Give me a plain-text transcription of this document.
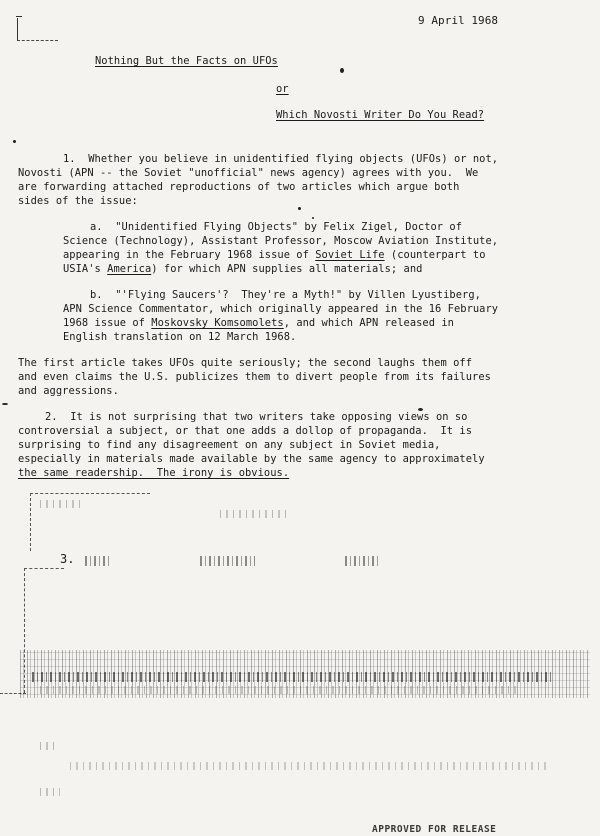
9 April 1968
Nothing But the Facts on UFOs
or
Which Novosti Writer Do You Read?
1.  Whether you believe in unidentified flying objects (UFOs) or not,
Novosti (APN -- the Soviet "unofficial" news agency) agrees with you.  We
are forwarding attached reproductions of two articles which argue both
sides of the issue:
a.  "Unidentified Flying Objects" by Felix Zigel, Doctor of
Science (Technology), Assistant Professor, Moscow Aviation Institute,
appearing in the February 1968 issue of Soviet Life (counterpart to
USIA's America) for which APN supplies all materials; and
b.  "'Flying Saucers'?  They're a Myth!" by Villen Lyustiberg,
APN Science Commentator, which originally appeared in the 16 February
1968 issue of Moskovsky Komsomolets, and which APN released in
English translation on 12 March 1968.
The first article takes UFOs quite seriously; the second laughs them off
and even claims the U.S. publicizes them to divert people from its failures
and aggressions.
2.  It is not surprising that two writers take opposing views on so
controversial a subject, or that one adds a dollop of propaganda.  It is
surprising to find any disagreement on any subject in Soviet media,
especially in materials made available by the same agency to approximately
the same readership.  The irony is obvious.
3.
APPROVED FOR RELEASE
